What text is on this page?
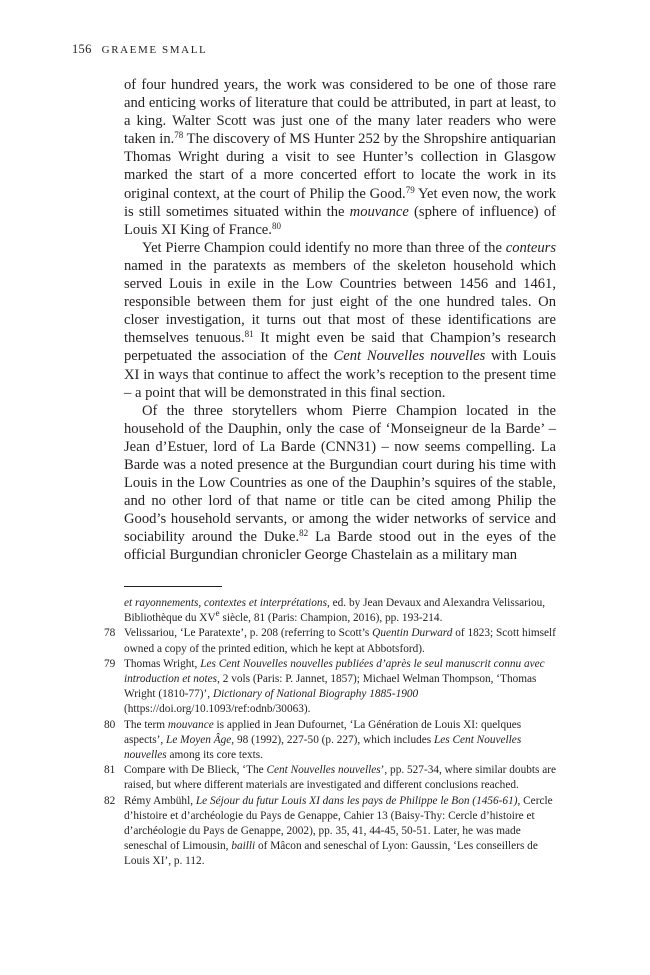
156 GRAEME SMALL

of four hundred years, the work was considered to be one of those rare and enticing works of literature that could be attributed, in part at least, to a king. Walter Scott was just one of the many later readers who were taken in.$^{78}$ The discovery of MS Hunter 252 by the Shropshire antiquarian Thomas Wright during a visit to see Hunter’s collection in Glasgow marked the start of a more concerted effort to locate the work in its original context, at the court of Philip the Good.$^{79}$ Yet even now, the work is still sometimes situated within the mouvance (sphere of influence) of Louis XI King of France.$^{80}$

Yet Pierre Champion could identify no more than three of the conteurs named in the paratexts as members of the skeleton household which served Louis in exile in the Low Countries between 1456 and 1461, responsible between them for just eight of the one hundred tales. On closer investigation, it turns out that most of these identifications are themselves tenuous.$^{81}$ It might even be said that Champion’s research perpetuated the association of the Cent Nouvelles nouvelles with Louis XI in ways that continue to affect the work’s reception to the present time – a point that will be demonstrated in this final section.

Of the three storytellers whom Pierre Champion located in the household of the Dauphin, only the case of ‘Monseigneur de la Barde’ – Jean d’Estuer, lord of La Barde (CNN31) – now seems compelling. La Barde was a noted presence at the Burgundian court during his time with Louis in the Low Countries as one of the Dauphin’s squires of the stable, and no other lord of that name or title can be cited among Philip the Good’s household servants, or among the wider networks of service and sociability around the Duke.$^{82}$ La Barde stood out in the eyes of the official Burgundian chronicler George Chastelain as a military man

et rayonnements, contextes et interprétations, ed. by Jean Devaux and Alexandra Velissariou, Bibliothèque du XVe siècle, 81 (Paris: Champion, 2016), pp. 193-214.

78 Velissariou, ‘Le Paratexte’, p. 208 (referring to Scott’s Quentin Durward of 1823; Scott himself owned a copy of the printed edition, which he kept at Abbotsford).

79 Thomas Wright, Les Cent Nouvelles nouvelles publiées d’après le seul manuscrit connu avec introduction et notes, 2 vols (Paris: P. Jannet, 1857); Michael Welman Thompson, ‘Thomas Wright (1810-77)’, Dictionary of National Biography 1885-1900 (https://doi.org/10.1093/ref:odnb/30063).

80 The term mouvance is applied in Jean Dufournet, ‘La Génération de Louis XI: quelques aspects’, Le Moyen Âge, 98 (1992), 227-50 (p. 227), which includes Les Cent Nouvelles nouvelles among its core texts.

81 Compare with De Blieck, ‘The Cent Nouvelles nouvelles’, pp. 527-34, where similar doubts are raised, but where different materials are investigated and different conclusions reached.

82 Rémy Ambühl, Le Séjour du futur Louis XI dans les pays de Philippe le Bon (1456-61), Cercle d’histoire et d’archéologie du Pays de Genappe, Cahier 13 (Baisy-Thy: Cercle d’histoire et d’archéologie du Pays de Genappe, 2002), pp. 35, 41, 44-45, 50-51. Later, he was made seneschal of Limousin, bailli of Mâcon and seneschal of Lyon: Gaussin, ‘Les conseillers de Louis XI’, p. 112.
